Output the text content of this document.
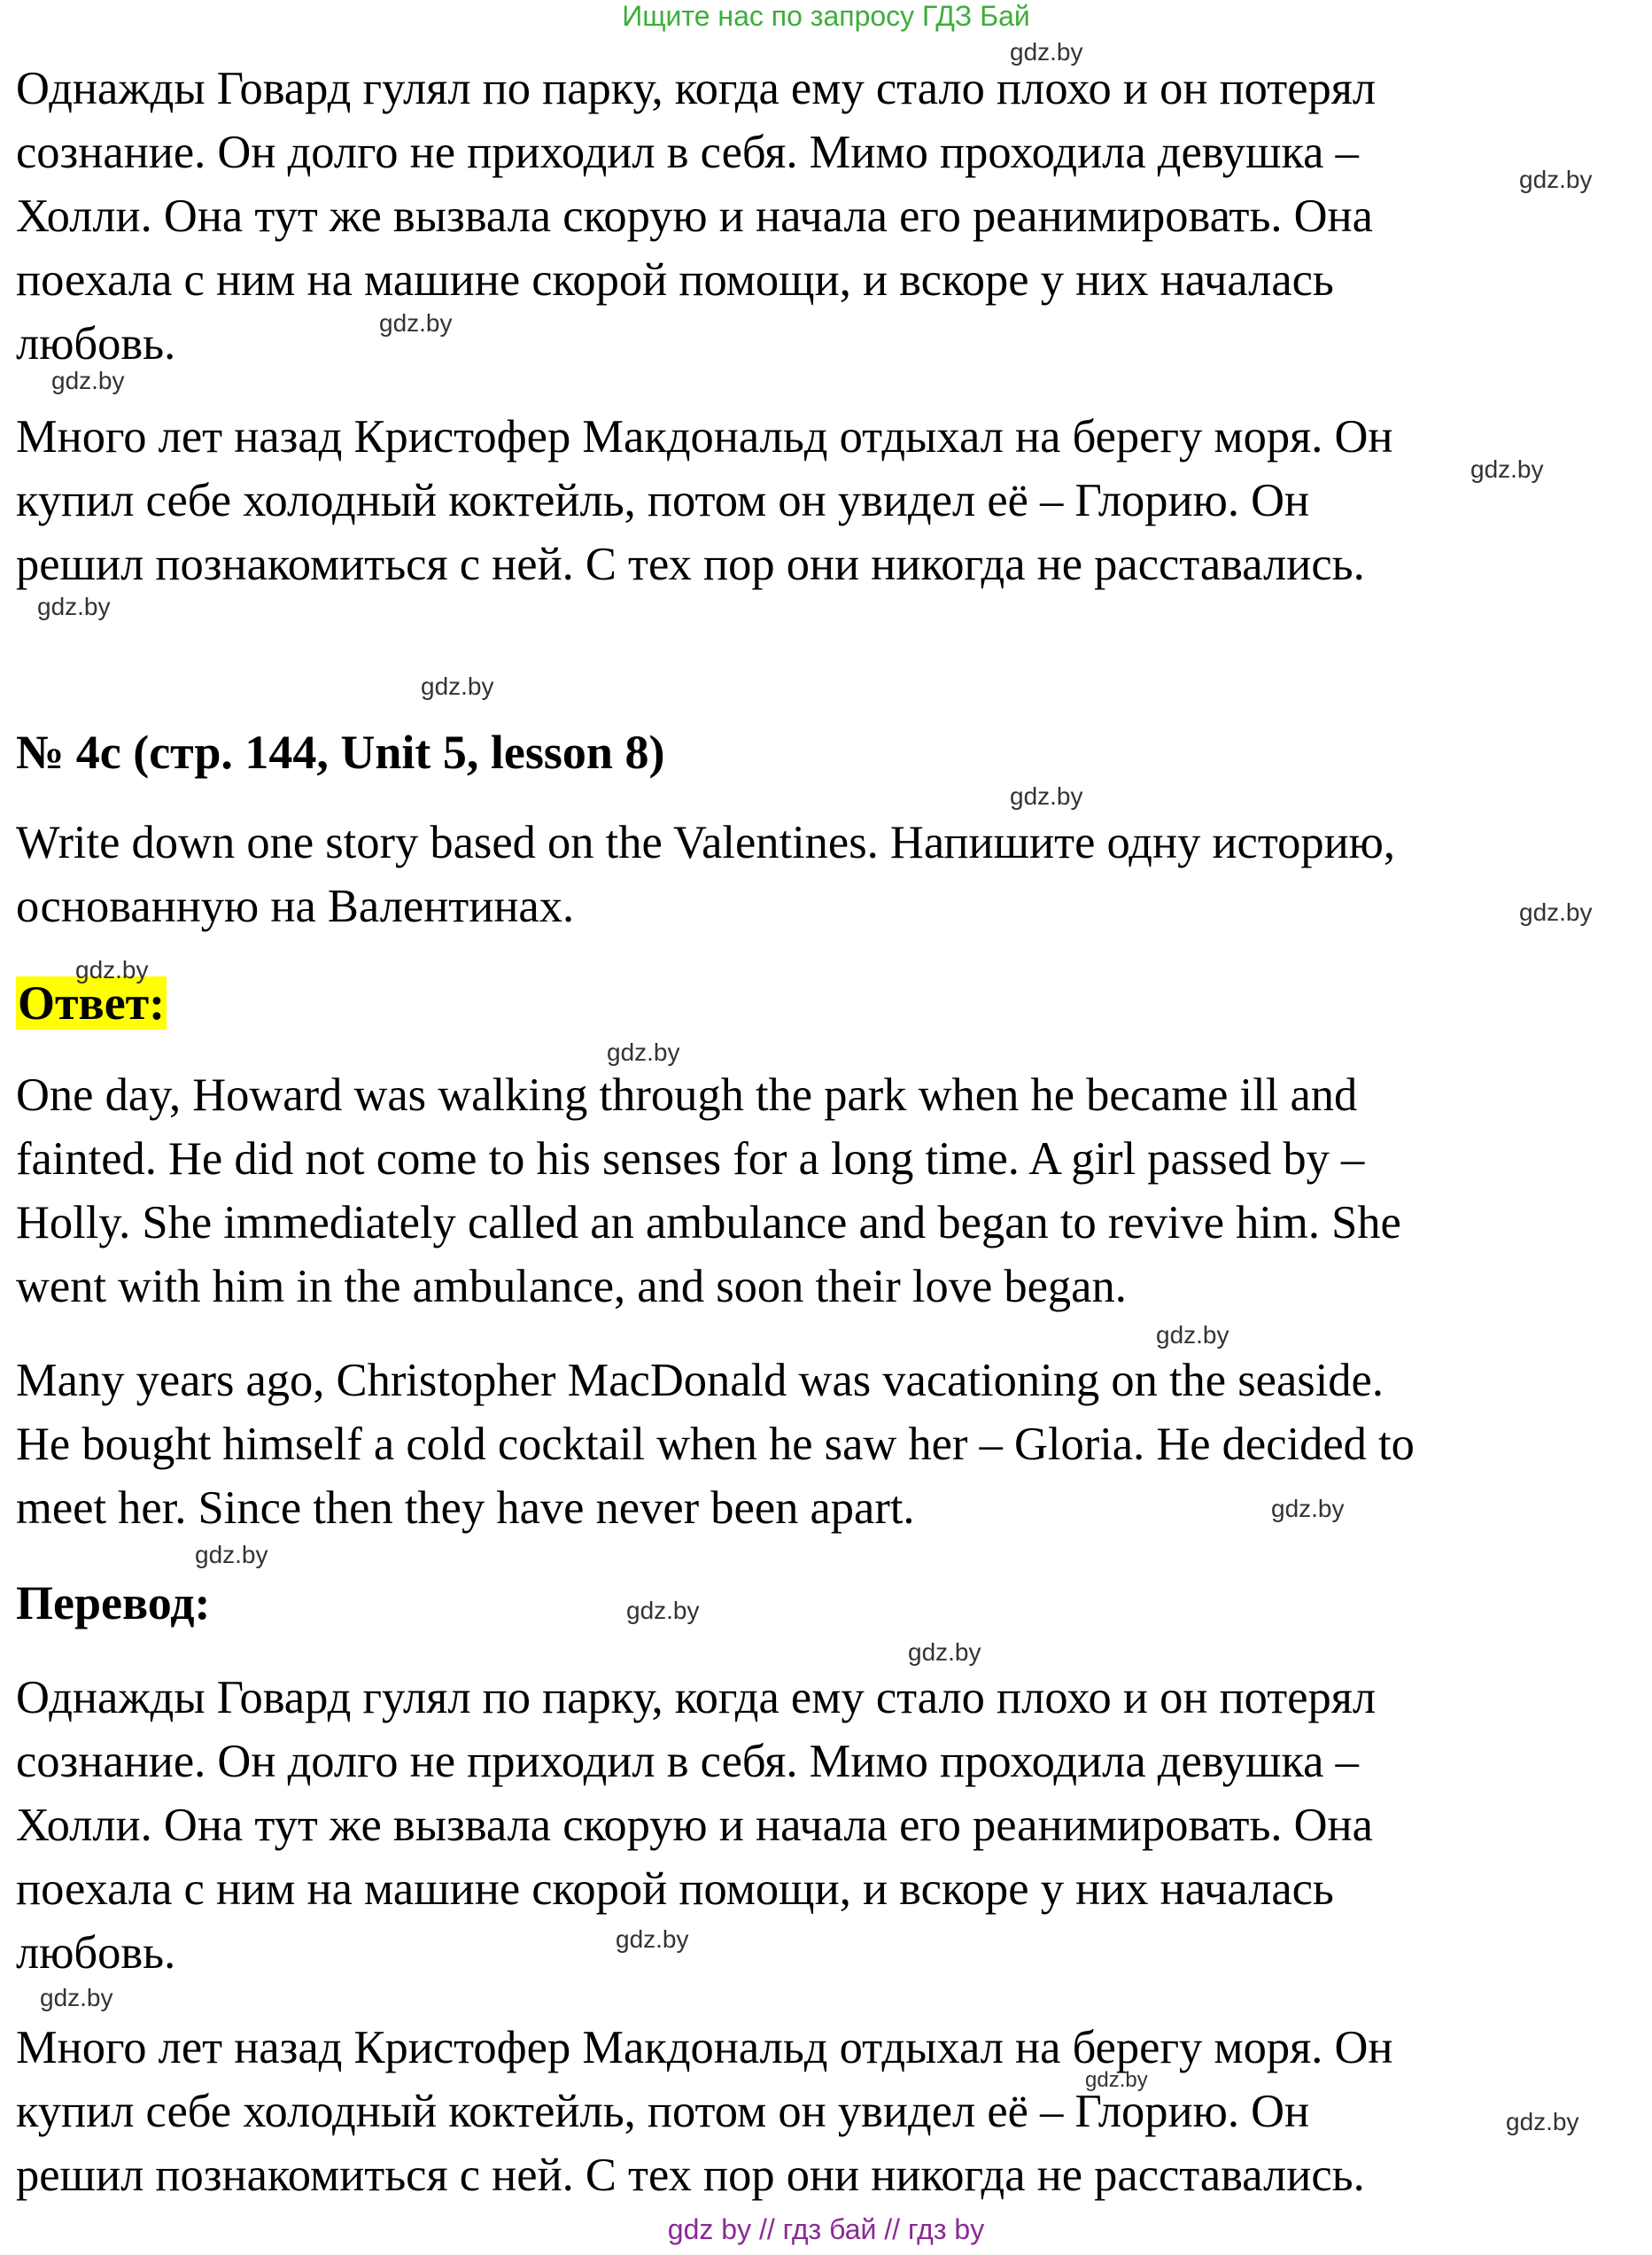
Ищите нас по запросу ГДЗ Бай
Однажды Говард гулял по парку, когда ему стало плохо и он потерял
сознание. Он долго не приходил в себя. Мимо проходила девушка –
Холли. Она тут же вызвала скорую и начала его реанимировать. Она
поехала с ним на машине скорой помощи, и вскоре у них началась
любовь.
Много лет назад Кристофер Макдональд отдыхал на берегу моря. Он
купил себе холодный коктейль, потом он увидел её – Глорию. Он
решил познакомиться с ней. С тех пор они никогда не расставались.
№ 4c (стр. 144, Unit 5, lesson 8)
Write down one story based on the Valentines. Напишите одну историю,
основанную на Валентинах.
Ответ:
One day, Howard was walking through the park when he became ill and
fainted. He did not come to his senses for a long time. A girl passed by –
Holly. She immediately called an ambulance and began to revive him. She
went with him in the ambulance, and soon their love began.
Many years ago, Christopher MacDonald was vacationing on the seaside.
He bought himself a cold cocktail when he saw her – Gloria. He decided to
meet her. Since then they have never been apart.
Перевод:
Однажды Говард гулял по парку, когда ему стало плохо и он потерял
сознание. Он долго не приходил в себя. Мимо проходила девушка –
Холли. Она тут же вызвала скорую и начала его реанимировать. Она
поехала с ним на машине скорой помощи, и вскоре у них началась
любовь.
Много лет назад Кристофер Макдональд отдыхал на берегу моря. Он
купил себе холодный коктейль, потом он увидел её – Глорию. Он
решил познакомиться с ней. С тех пор они никогда не расставались.
gdz.by
gdz.by
gdz.by
gdz.by
gdz.by
gdz.by
gdz.by
gdz.by
gdz.by
gdz.by
gdz.by
gdz.by
gdz.by
gdz.by
gdz.by
gdz.by
gdz.by
gdz.by
gdz.by
gdz.by
gdz by // гдз бай // гдз by
